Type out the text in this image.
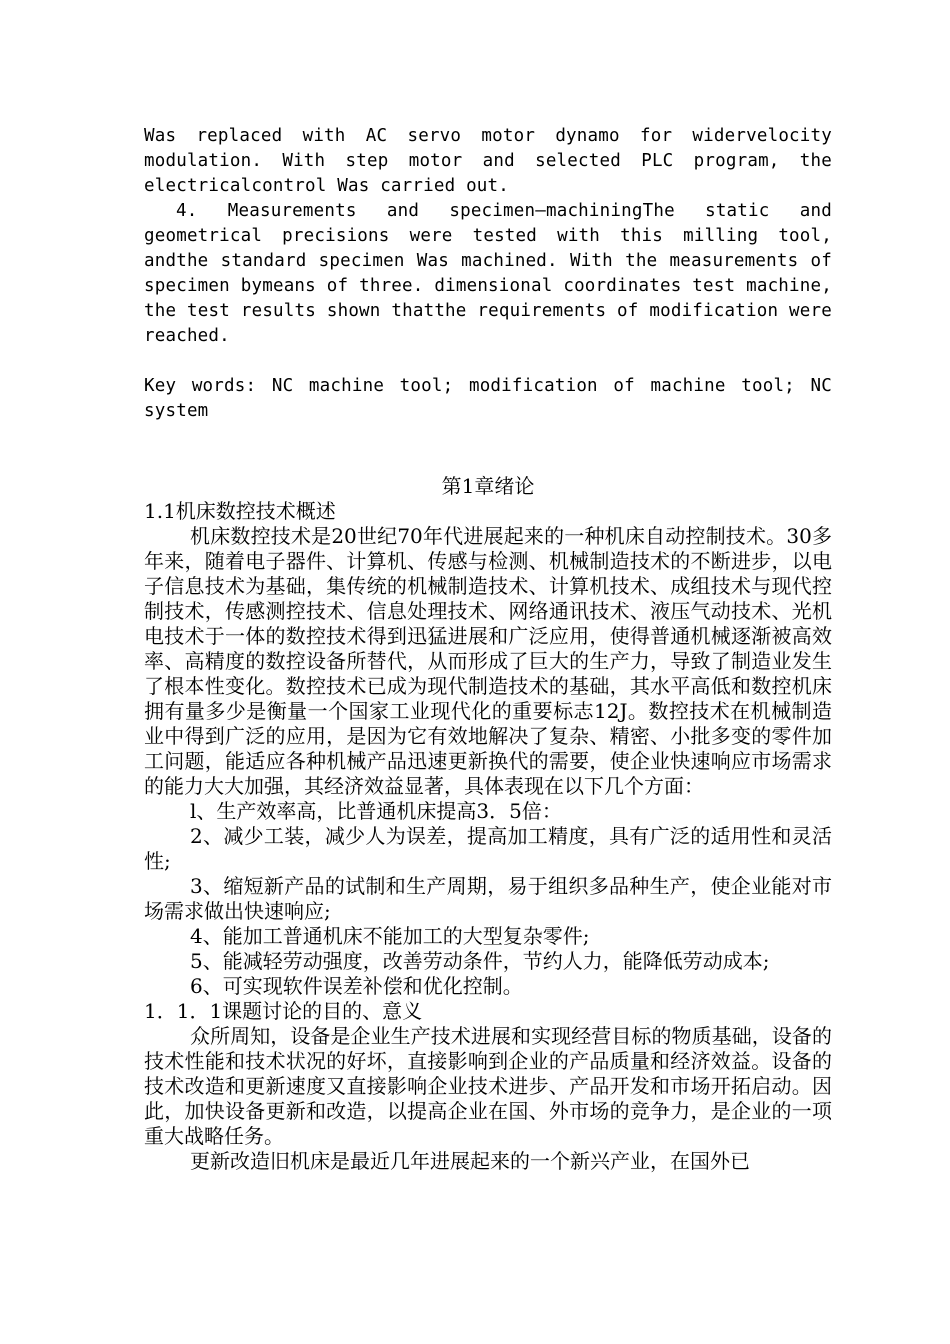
Was replaced with AC servo motor dynamo for widervelocity modulation. With step motor and selected PLC program, the electricalcontrol Was carried out.

4. Measurements and specimen—machiningThe static and geometrical precisions were tested with this milling tool, andthe standard specimen Was machined. With the measurements of specimen bymeans of three. dimensional coordinates test machine, the test results shown thatthe requirements of modification were reached.

Key words: NC machine tool; modification of machine tool; NC system

第1章绪论

1.1机床数控技术概述

机床数控技术是20世纪70年代进展起来的一种机床自动控制技术。30多年来，随着电子器件、计算机、传感与检测、机械制造技术的不断进步，以电子信息技术为基础，集传统的机械制造技术、计算机技术、成组技术与现代控制技术，传感测控技术、信息处理技术、网络通讯技术、液压气动技术、光机电技术于一体的数控技术得到迅猛进展和广泛应用，使得普通机械逐渐被高效率、高精度的数控设备所替代，从而形成了巨大的生产力，导致了制造业发生了根本性变化。数控技术已成为现代制造技术的基础，其水平高低和数控机床拥有量多少是衡量一个国家工业现代化的重要标志12J。数控技术在机械制造业中得到广泛的应用，是因为它有效地解决了复杂、精密、小批多变的零件加工问题，能适应各种机械产品迅速更新换代的需要，使企业快速响应市场需求的能力大大加强，其经济效益显著，具体表现在以下几个方面：

l、生产效率高，比普通机床提高3．5倍：

2、减少工装，减少人为误差，提高加工精度，具有广泛的适用性和灵活性;

3、缩短新产品的试制和生产周期，易于组织多品种生产，使企业能对市场需求做出快速响应;

4、能加工普通机床不能加工的大型复杂零件;

5、能减轻劳动强度，改善劳动条件，节约人力，能降低劳动成本;

6、可实现软件误差补偿和优化控制。

1．1．1课题讨论的目的、意义

众所周知，设备是企业生产技术进展和实现经营目标的物质基础，设备的技术性能和技术状况的好坏，直接影响到企业的产品质量和经济效益。设备的技术改造和更新速度又直接影响企业技术进步、产品开发和市场开拓启动。因此，加快设备更新和改造，以提高企业在国、外市场的竞争力，是企业的一项重大战略任务。

更新改造旧机床是最近几年进展起来的一个新兴产业，在国外已
